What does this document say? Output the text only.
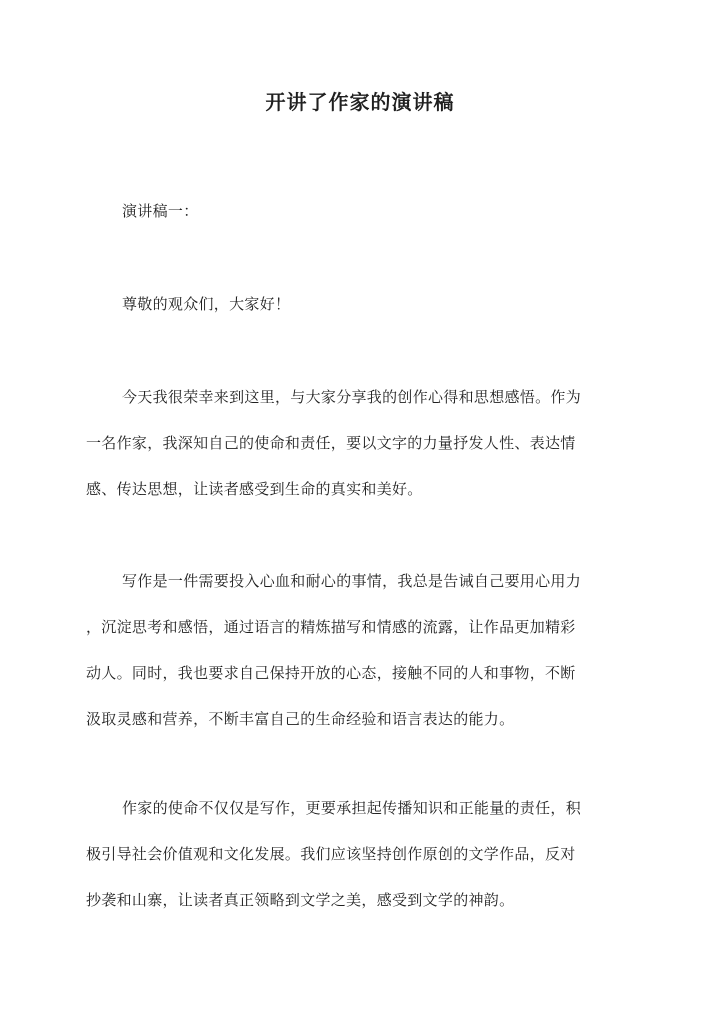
开讲了作家的演讲稿
演讲稿一：
尊敬的观众们，大家好！
今天我很荣幸来到这里，与大家分享我的创作心得和思想感悟。作为
一名作家，我深知自己的使命和责任，要以文字的力量抒发人性、表达情
感、传达思想，让读者感受到生命的真实和美好。
写作是一件需要投入心血和耐心的事情，我总是告诫自己要用心用力
，沉淀思考和感悟，通过语言的精炼描写和情感的流露，让作品更加精彩
动人。同时，我也要求自己保持开放的心态，接触不同的人和事物，不断
汲取灵感和营养，不断丰富自己的生命经验和语言表达的能力。
作家的使命不仅仅是写作，更要承担起传播知识和正能量的责任，积
极引导社会价值观和文化发展。我们应该坚持创作原创的文学作品，反对
抄袭和山寨，让读者真正领略到文学之美，感受到文学的神韵。
